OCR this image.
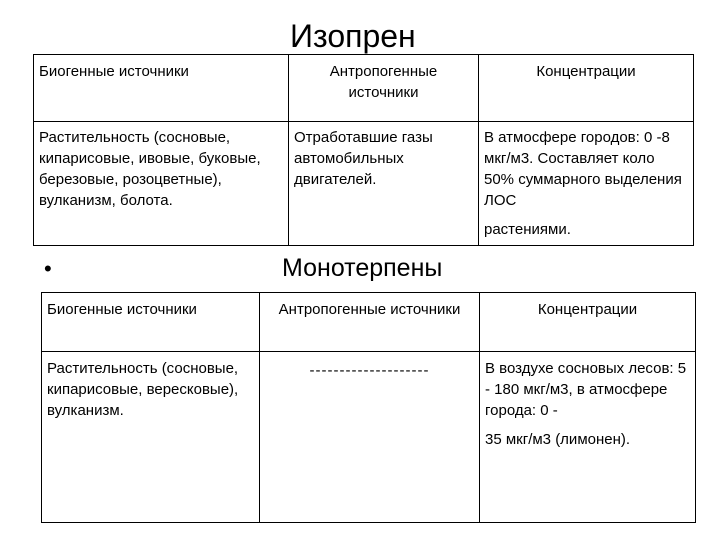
Изопрен
Биогенные источники	Антропогенные источники	Концентрации
Растительность (сосновые, кипарисовые, ивовые, буковые, березовые, розоцветные), вулканизм, болота.	Отработавшие газы автомобильных двигателей.	В атмосфере городов: 0 -8 мкг/м3. Составляет коло 50% суммарного выделения ЛОС
растениями.
•	Монотерпены
Биогенные источники	Антропогенные источники	Концентрации
Растительность (сосновые, кипарисовые, вересковые), вулканизм.	--------------------	В воздухе сосновых лесов: 5 - 180 мкг/м3, в атмосфере города: 0 -
35 мкг/м3 (лимонен).
